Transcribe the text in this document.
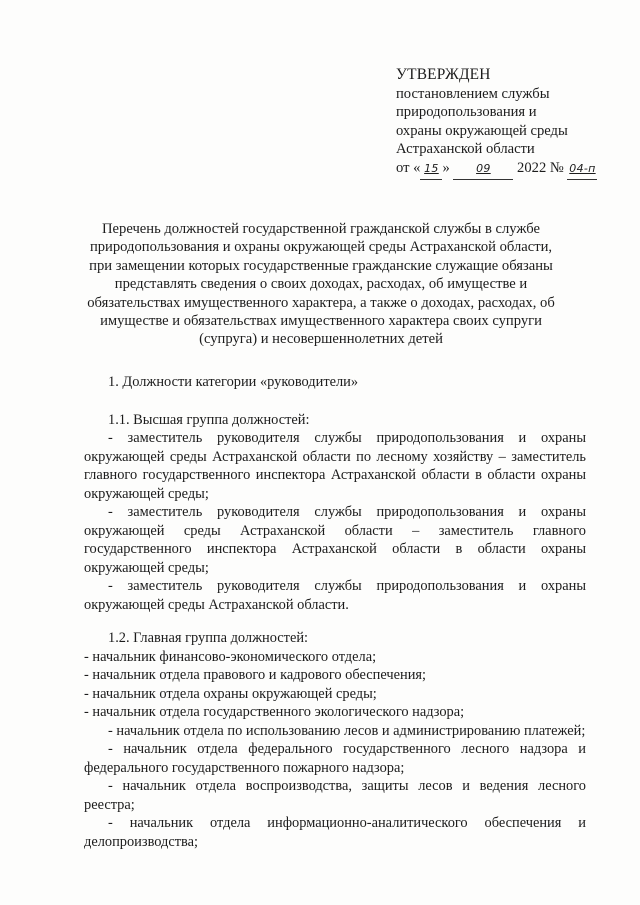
УТВЕРЖДЕН
постановлением службы
природопользования и
охраны окружающей среды
Астраханской области
от « 15 » 09 2022 № 04-п
Перечень должностей государственной гражданской службы в службе
природопользования и охраны окружающей среды Астраханской области,
при замещении которых государственные гражданские служащие обязаны
представлять сведения о своих доходах, расходах, об имуществе и
обязательствах имущественного характера, а также о доходах, расходах, об
имуществе и обязательствах имущественного характера своих супруги
(супруга) и несовершеннолетних детей

1. Должности категории «руководители»

1.1. Высшая группа должностей:

- заместитель руководителя службы природопользования и охраны окружающей среды Астраханской области по лесному хозяйству – заместитель главного государственного инспектора Астраханской области в области охраны окружающей среды;

- заместитель руководителя службы природопользования и охраны окружающей среды Астраханской области – заместитель главного государственного инспектора Астраханской области в области охраны окружающей среды;

- заместитель руководителя службы природопользования и охраны окружающей среды Астраханской области.

1.2. Главная группа должностей:

- начальник финансово-экономического отдела;

- начальник отдела правового и кадрового обеспечения;

- начальник отдела охраны окружающей среды;

- начальник отдела государственного экологического надзора;

- начальник отдела по использованию лесов и администрированию платежей;

- начальник отдела федерального государственного лесного надзора и федерального государственного пожарного надзора;

- начальник отдела воспроизводства, защиты лесов и ведения лесного реестра;

- начальник отдела информационно-аналитического обеспечения и делопроизводства;
